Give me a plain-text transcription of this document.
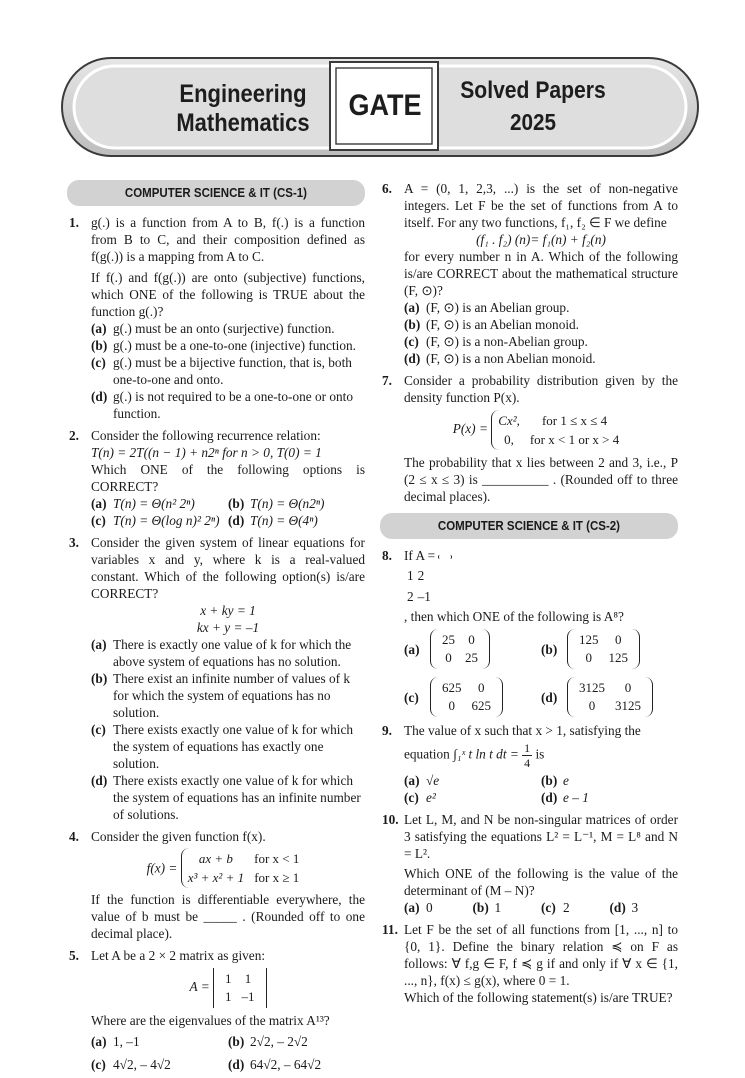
Engineering
Mathematics
GATE	Solved Papers
2025
COMPUTER SCIENCE & IT (CS-1)
1. g(.) is a function from A to B, f(.) is a function from B to C, and their composition defined as f(g(.)) is a mapping from A to C.

If f(.) and f(g(.)) are onto (subjective) functions, which ONE of the following is TRUE about the function g(.)?

(a) g(.) must be an onto (surjective) function.
(b) g(.) must be a one-to-one (injective) function.
(c) g(.) must be a bijective function, that is, both one-to-one and onto.
(d) g(.) is not required to be a one-to-one or onto function.
2. Consider the following recurrence relation:

T(n) = 2T((n − 1) + n2ⁿ for n > 0, T(0) = 1

Which ONE of the following options is CORRECT?

(a) T(n) = Θ(n² 2ⁿ)	(b) T(n) = Θ(n2ⁿ)
(c) T(n) = Θ(log n)² 2ⁿ) (d) T(n) = Θ(4ⁿ)
3. Consider the given system of linear equations for variables x and y, where k is a real-valued constant. Which of the following option(s) is/are CORRECT?

x + ky = 1

kx + y = –1

(a) There is exactly one value of k for which the above system of equations has no solution.
(b) There exist an infinite number of values of k for which the system of equations has no solution.
(c) There exists exactly one value of k for which the system of equations has exactly one solution.
(d) There exists exactly one value of k for which the system of equations has an infinite number of solutions.
4. Consider the given function f(x).

f(x) =
ax + b	for x < 1
x³ + x² + 1	for x ≥ 1

If the function is differentiable everywhere, the value of b must be _____ . (Rounded off to one decimal place).

5. Let A be a 2 × 2 matrix as given:

A =
1	1
1	–1

Where are the eigenvalues of the matrix A¹³?

(a) 1, –1	(b) 2√2, – 2√2
(c) 4√2, – 4√2	(d) 64√2, – 64√2
6. A = (0, 1, 2,3, ...) is the set of non-negative integers. Let F be the set of functions from A to itself. For any two functions, f₁, f₂ ∈ F we define

(f₁ . f₂) (n)= f₁(n) + f₂(n)

for every number n in A. Which of the following is/are CORRECT about the mathematical structure (F, ⊙)?

(a) (F, ⊙) is an Abelian group.
(b) (F, ⊙) is an Abelian monoid.
(c) (F, ⊙) is a non-Abelian group.
(d) (F, ⊙) is a non Abelian monoid.
7. Consider a probability distribution given by the density function P(x).

P(x) =
Cx²,	for 1 ≤ x ≤ 4
0,	for x < 1 or x > 4

The probability that x lies between 2 and 3, i.e., P (2 ≤ x ≤ 3) is __________ . (Rounded off to three decimal places).

COMPUTER SCIENCE & IT (CS-2)
8. If A =

1	2
2	–1
, then which ONE of the following is A⁸?

(a)
25	0
0	25
(b)
125	0
0	125
(c)
625	0
0	625
(d)
3125	0
0	3125
9. The value of x such that x > 1, satisfying the

equation ∫₁ˣ t ln t dt = $\frac{1}{4}$ is

(a) √e	(b) e
(c) e²	(d) e – 1
10. Let L, M, and N be non-singular matrices of order 3 satisfying the equations L² = L⁻¹, M = L⁸ and N = L².

Which ONE of the following is the value of the determinant of (M – N)?

(a) 0	(b) 1	(c) 2	(d) 3
11. Let F be the set of all functions from [1, ..., n] to {0, 1}. Define the binary relation ≼ on F as follows: ∀ f,g ∈ F, f ≼ g if and only if ∀ x ∈ {1, ..., n}, f(x) ≤ g(x), where 0 = 1.

Which of the following statement(s) is/are TRUE?
